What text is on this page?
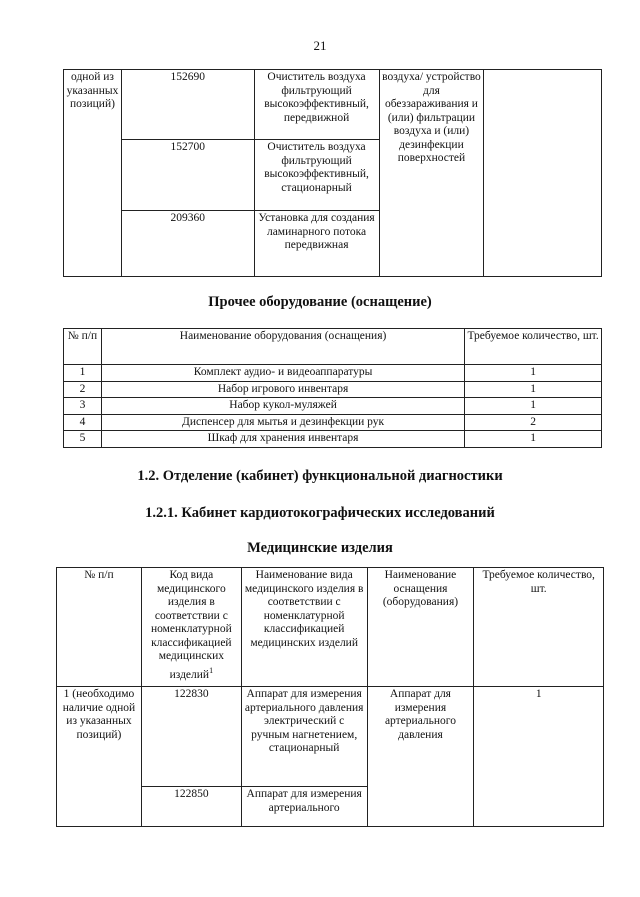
21
одной из указанных позиций)	152690	Очиститель воздуха фильтрующий высокоэффективный, передвижной	воздуха/ устройство для обеззараживания и (или) фильтрации воздуха и (или) дезинфекции поверхностей	
	152700	Очиститель воздуха фильтрующий высокоэффективный, стационарный		
	209360	Установка для создания ламинарного потока передвижная		
Прочее оборудование (оснащение)
№ п/п	Наименование оборудования (оснащения)	Требуемое количество, шт.
1	Комплект аудио- и видеоаппаратуры	1
2	Набор игрового инвентаря	1
3	Набор кукол-муляжей	1
4	Диспенсер для мытья и дезинфекции рук	2
5	Шкаф для хранения инвентаря	1
1.2. Отделение (кабинет) функциональной диагностики
1.2.1. Кабинет кардиотокографических исследований
Медицинские изделия
№ п/п	Код вида медицинского изделия в соответствии с номенклатурной классификацией медицинских изделий$^1$	Наименование вида медицинского изделия в соответствии с номенклатурной классификацией медицинских изделий	Наименование оснащения (оборудования)	Требуемое количество, шт.
1 (необходимо наличие одной из указанных позиций)	122830	Аппарат для измерения артериального давления электрический с ручным нагнетением, стационарный	Аппарат для измерения артериального давления	1
	122850	Аппарат для измерения артериального		
